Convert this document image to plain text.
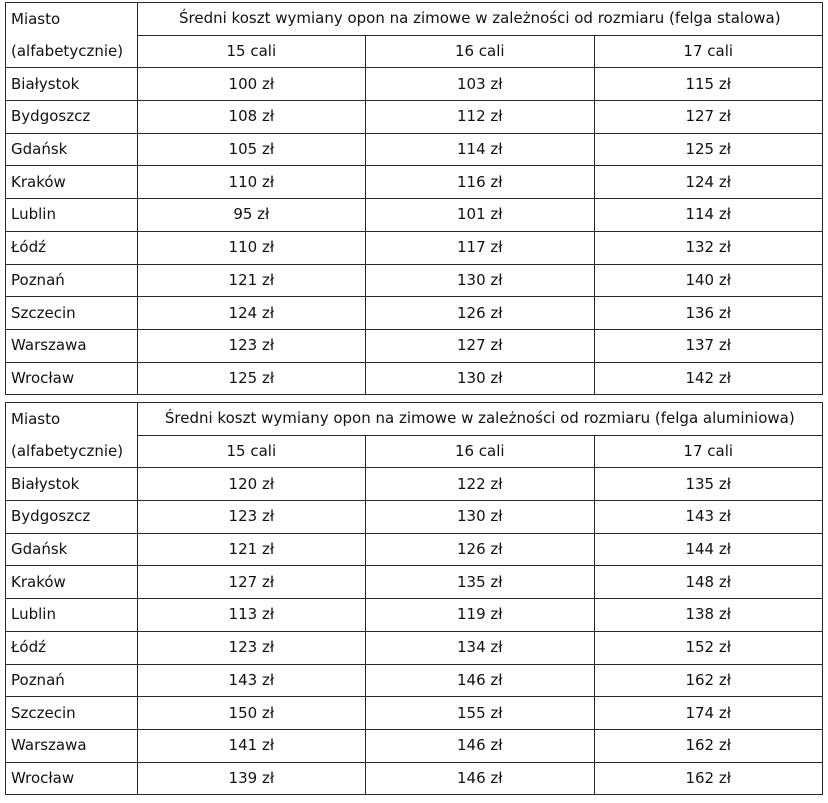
Miasto	Średni koszt wymiany opon na zimowe w zależności od rozmiaru (felga stalowa)		
(alfabetycznie)	15 cali	16 cali	17 cali
Białystok	100 zł	103 zł	115 zł
Bydgoszcz	108 zł	112 zł	127 zł
Gdańsk	105 zł	114 zł	125 zł
Kraków	110 zł	116 zł	124 zł
Lublin	95 zł	101 zł	114 zł
Łódź	110 zł	117 zł	132 zł
Poznań	121 zł	130 zł	140 zł
Szczecin	124 zł	126 zł	136 zł
Warszawa	123 zł	127 zł	137 zł
Wrocław	125 zł	130 zł	142 zł
Miasto	Średni koszt wymiany opon na zimowe w zależności od rozmiaru (felga aluminiowa)		
(alfabetycznie)	15 cali	16 cali	17 cali
Białystok	120 zł	122 zł	135 zł
Bydgoszcz	123 zł	130 zł	143 zł
Gdańsk	121 zł	126 zł	144 zł
Kraków	127 zł	135 zł	148 zł
Lublin	113 zł	119 zł	138 zł
Łódź	123 zł	134 zł	152 zł
Poznań	143 zł	146 zł	162 zł
Szczecin	150 zł	155 zł	174 zł
Warszawa	141 zł	146 zł	162 zł
Wrocław	139 zł	146 zł	162 zł
